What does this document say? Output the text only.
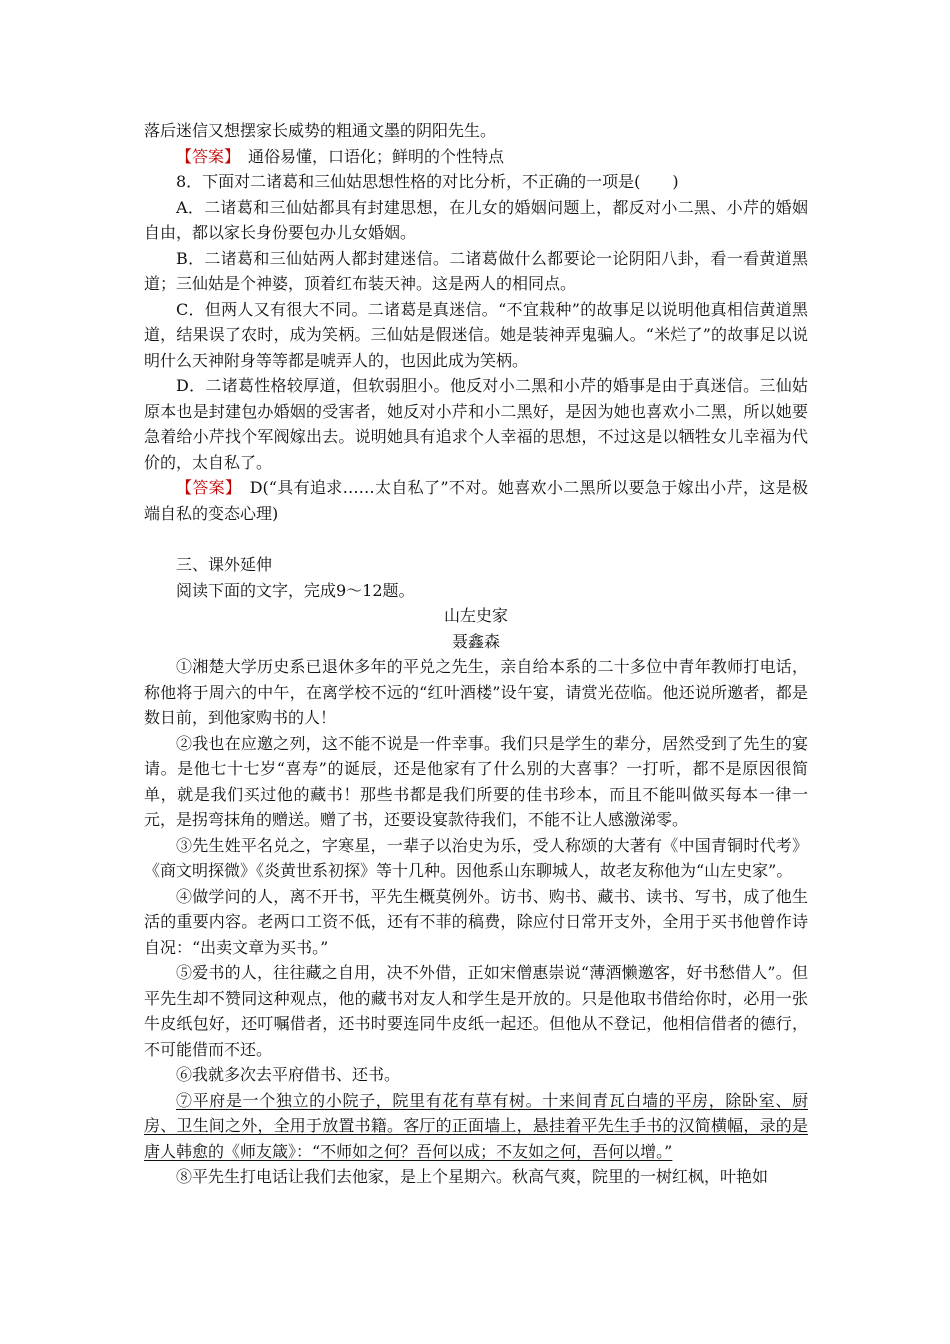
落后迷信又想摆家长威势的粗通文墨的阴阳先生。

【答案】　通俗易懂，口语化；鲜明的个性特点

8．下面对二诸葛和三仙姑思想性格的对比分析，不正确的一项是(　　)

A．二诸葛和三仙姑都具有封建思想，在儿女的婚姻问题上，都反对小二黑、小芹的婚姻自由，都以家长身份要包办儿女婚姻。

B．二诸葛和三仙姑两人都封建迷信。二诸葛做什么都要论一论阴阳八卦，看一看黄道黑道；三仙姑是个神婆，顶着红布装天神。这是两人的相同点。

C．但两人又有很大不同。二诸葛是真迷信。“不宜栽种”的故事足以说明他真相信黄道黑道，结果误了农时，成为笑柄。三仙姑是假迷信。她是装神弄鬼骗人。“米烂了”的故事足以说明什么天神附身等等都是唬弄人的，也因此成为笑柄。

D．二诸葛性格较厚道，但软弱胆小。他反对小二黑和小芹的婚事是由于真迷信。三仙姑原本也是封建包办婚姻的受害者，她反对小芹和小二黑好，是因为她也喜欢小二黑，所以她要急着给小芹找个军阀嫁出去。说明她具有追求个人幸福的思想，不过这是以牺牲女儿幸福为代价的，太自私了。

【答案】　D(“具有追求……太自私了”不对。她喜欢小二黑所以要急于嫁出小芹，这是极端自私的变态心理)

三、课外延伸

阅读下面的文字，完成9～12题。

山左史家

聂鑫森

①湘楚大学历史系已退休多年的平兑之先生，亲自给本系的二十多位中青年教师打电话，称他将于周六的中午，在离学校不远的“红叶酒楼”设午宴，请赏光莅临。他还说所邀者，都是数日前，到他家购书的人！

②我也在应邀之列，这不能不说是一件幸事。我们只是学生的辈分，居然受到了先生的宴请。是他七十七岁“喜寿”的诞辰，还是他家有了什么别的大喜事？一打听，都不是原因很简单，就是我们买过他的藏书！那些书都是我们所要的佳书珍本，而且不能叫做买每本一律一元，是拐弯抹角的赠送。赠了书，还要设宴款待我们，不能不让人感激涕零。

③先生姓平名兑之，字寒星，一辈子以治史为乐，受人称颂的大著有《中国青铜时代考》《商文明探微》《炎黄世系初探》等十几种。因他系山东聊城人，故老友称他为“山左史家”。

④做学问的人，离不开书，平先生概莫例外。访书、购书、藏书、读书、写书，成了他生活的重要内容。老两口工资不低，还有不菲的稿费，除应付日常开支外，全用于买书他曾作诗自况：“出卖文章为买书。”

⑤爱书的人，往往藏之自用，决不外借，正如宋僧惠崇说“薄酒懒邀客，好书愁借人”。但平先生却不赞同这种观点，他的藏书对友人和学生是开放的。只是他取书借给你时，必用一张牛皮纸包好，还叮嘱借者，还书时要连同牛皮纸一起还。但他从不登记，他相信借者的德行，不可能借而不还。

⑥我就多次去平府借书、还书。

⑦平府是一个独立的小院子，院里有花有草有树。十来间青瓦白墙的平房，除卧室、厨房、卫生间之外，全用于放置书籍。客厅的正面墙上，悬挂着平先生手书的汉简横幅，录的是唐人韩愈的《师友箴》：“不师如之何？吾何以成；不友如之何，吾何以增。”

⑧平先生打电话让我们去他家，是上个星期六。秋高气爽，院里的一树红枫，叶艳如
